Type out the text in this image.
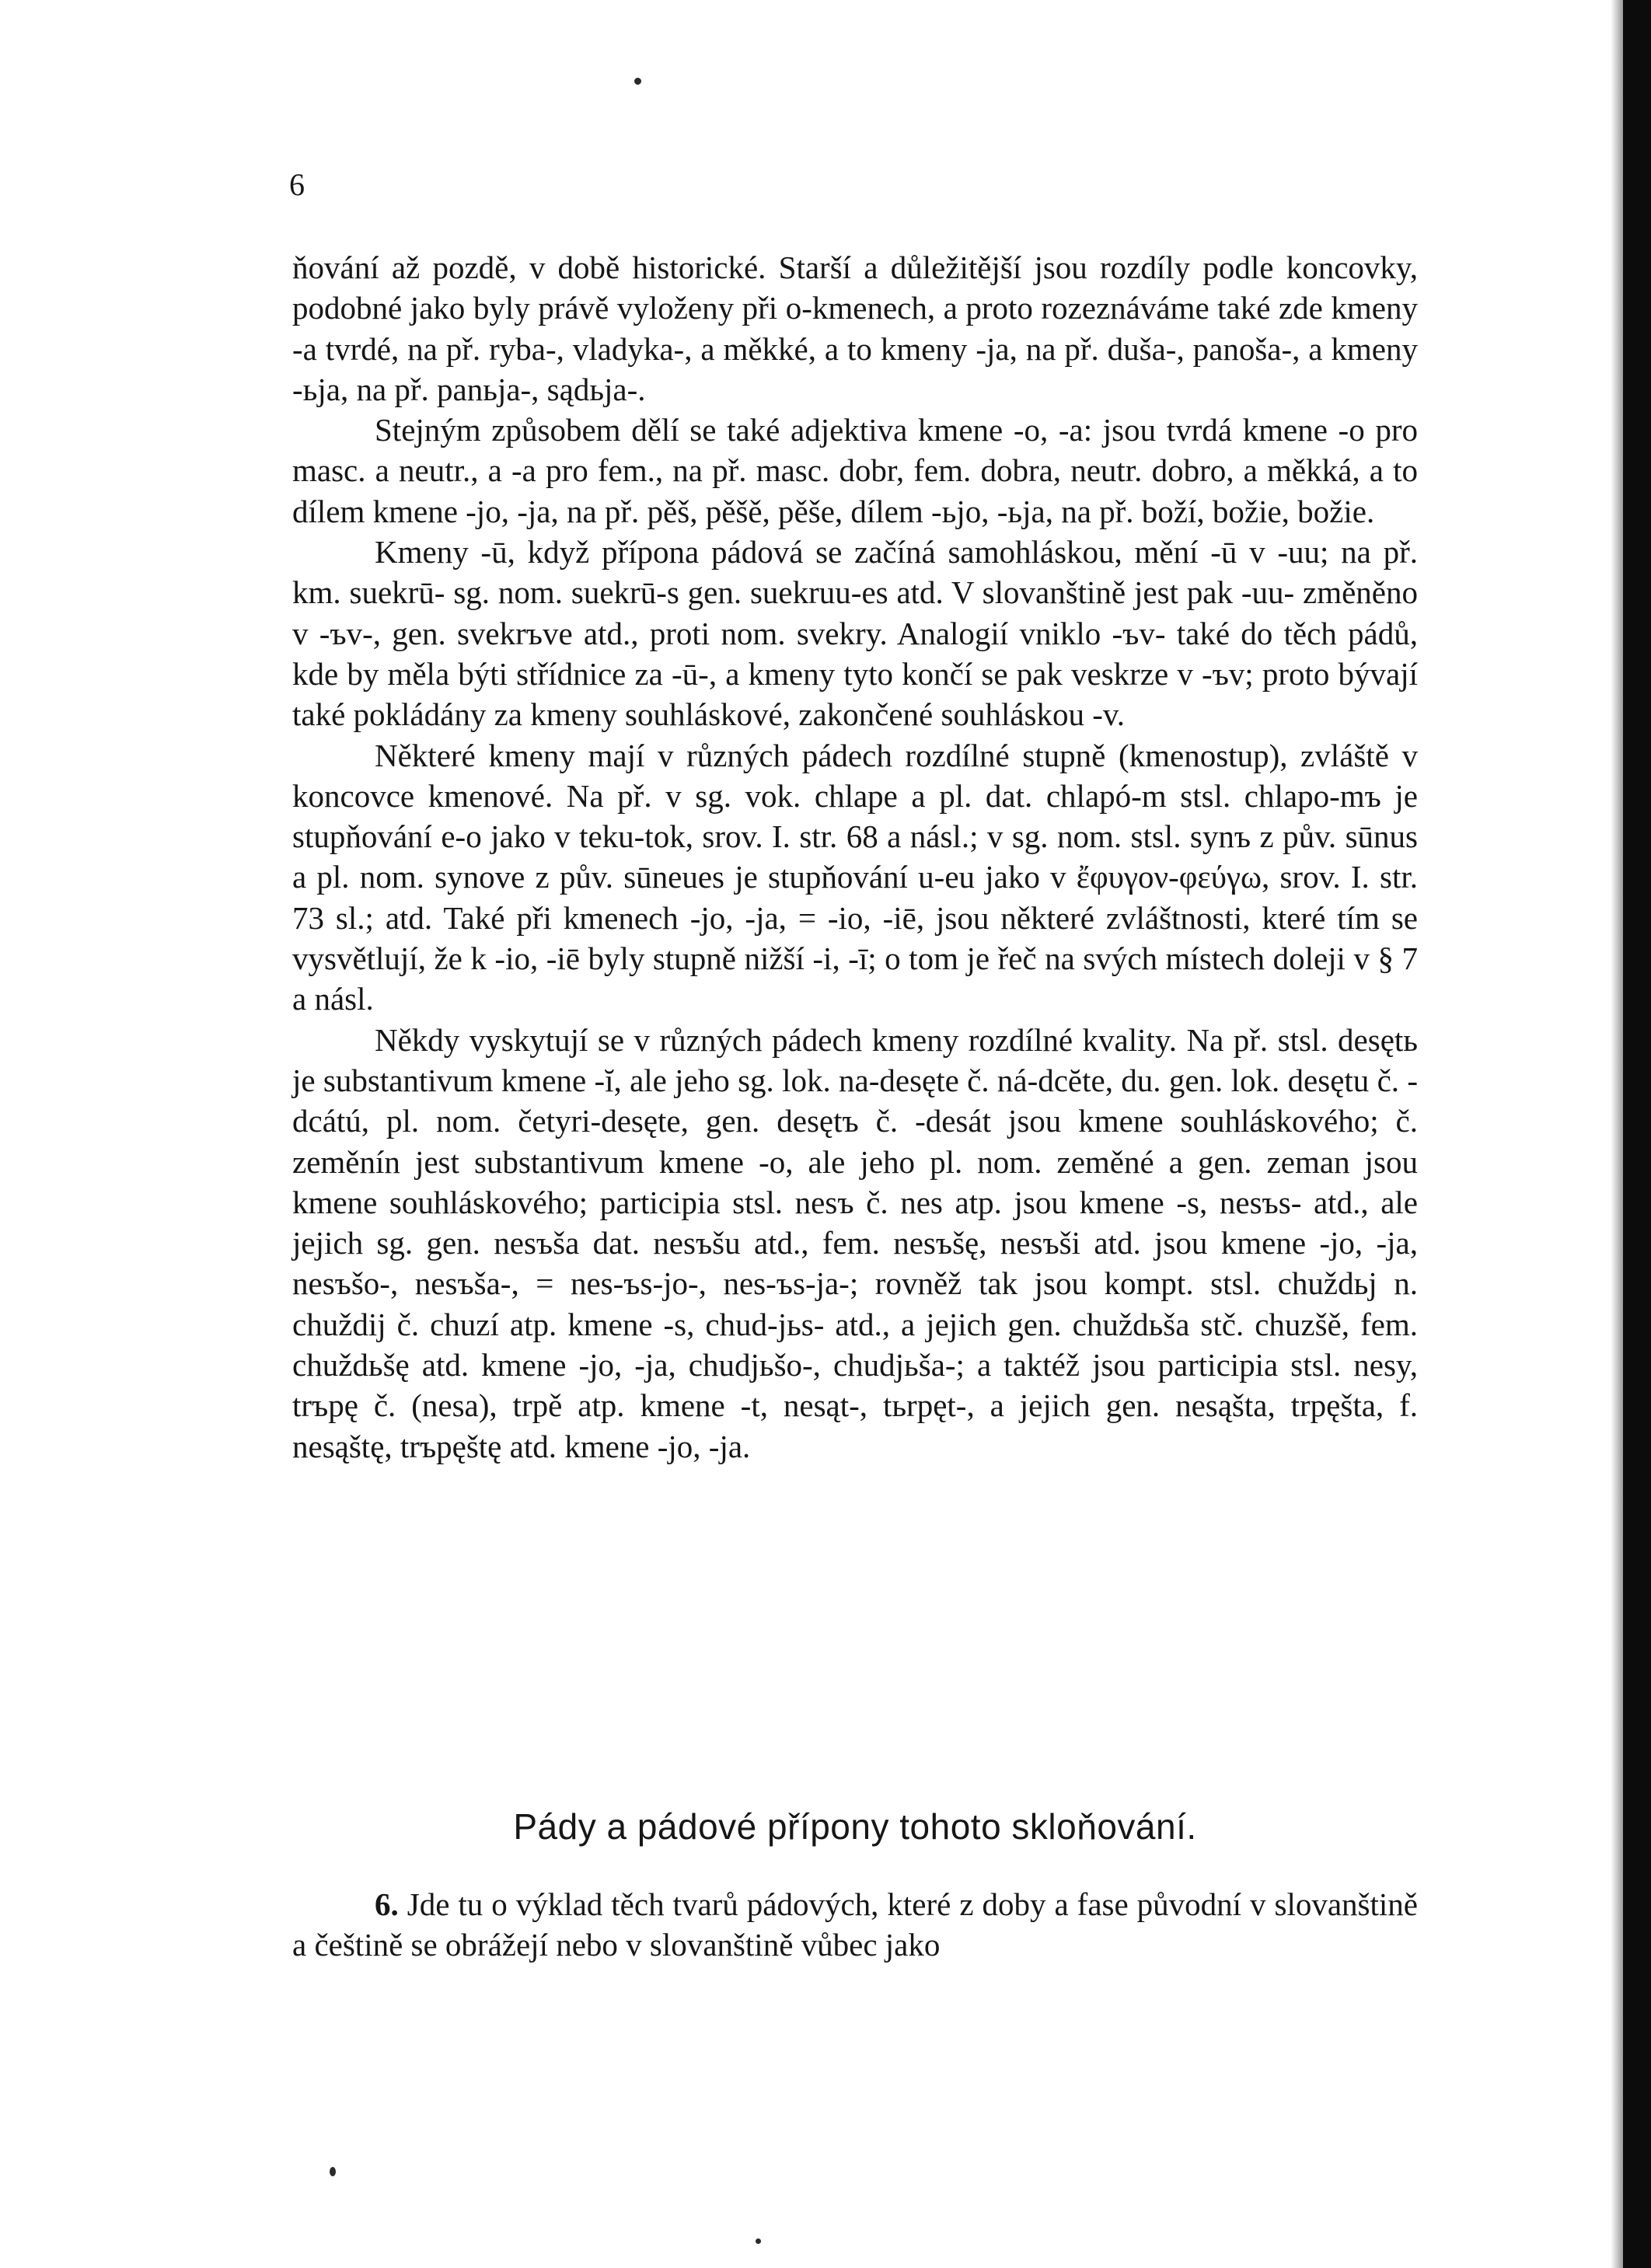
6

ňování až pozdě, v době historické. Starší a důležitější jsou rozdíly podle koncovky, podobné jako byly právě vyloženy při o-kmenech, a proto rozeznáváme také zde kmeny -a tvrdé, na př. ryba-, vladyka-, a měkké, a to kmeny -ja, na př. duša-, panoša-, a kmeny -ьja, na př. panьja-, sądьja-.

Stejným způsobem dělí se také adjektiva kmene -o, -a: jsou tvrdá kmene -o pro masc. a neutr., a -a pro fem., na př. masc. dobr, fem. dobra, neutr. dobro, a měkká, a to dílem kmene -jo, -ja, na př. pěš, pěšě, pěše, dílem -ьjo, -ьja, na př. boží, božie, božie.

Kmeny -ū, když přípona pádová se začíná samohláskou, mění -ū v -uu; na př. km. suekrū- sg. nom. suekrū-s gen. suekruu-es atd. V slovanštině jest pak -uu- změněno v -ъv-, gen. svekrъve atd., proti nom. svekry. Analogií vniklo -ъv- také do těch pádů, kde by měla býti střídnice za -ū-, a kmeny tyto končí se pak veskrze v -ъv; proto bývají také pokládány za kmeny souhláskové, zakončené souhláskou -v.

Některé kmeny mají v různých pádech rozdílné stupně (kmenostup), zvláště v koncovce kmenové. Na př. v sg. vok. chlape a pl. dat. chlapó-m stsl. chlapo-mъ je stupňování e-o jako v teku-tok, srov. I. str. 68 a násl.; v sg. nom. stsl. synъ z pův. sūnus a pl. nom. synove z pův. sūneues je stupňování u-eu jako v ἔφυγον-φεύγω, srov. I. str. 73 sl.; atd. Také při kmenech -jo, -ja, = -io, -iē, jsou některé zvláštnosti, které tím se vysvětlují, že k -io, -iē byly stupně nižší -i, -ī; o tom je řeč na svých místech doleji v § 7 a násl.

Někdy vyskytují se v různých pádech kmeny rozdílné kvality. Na př. stsl. desętь je substantivum kmene -ĭ, ale jeho sg. lok. na-desęte č. ná-dcĕte, du. gen. lok. desętu č. -dcátú, pl. nom. četyri-desęte, gen. desętъ č. -desát jsou kmene souhláskového; č. zeměnín jest substantivum kmene -o, ale jeho pl. nom. zeměné a gen. zeman jsou kmene souhláskového; participia stsl. nesъ č. nes atp. jsou kmene -s, nesъs- atd., ale jejich sg. gen. nesъša dat. nesъšu atd., fem. nesъšę, nesъši atd. jsou kmene -jo, -ja, nesъšo-, nesъša-, = nes-ъs-jo-, nes-ъs-ja-; rovněž tak jsou kompt. stsl. chuždьj n. chuždij č. chuzí atp. kmene -s, chud-jьs- atd., a jejich gen. chuždьša stč. chuzšě, fem. chuždьšę atd. kmene -jo, -ja, chudjьšo-, chudjьša-; a taktéž jsou participia stsl. nesy, trъpę č. (nesa), trpě atp. kmene -t, nesąt-, tьrpęt-, a jejich gen. nesąšta, trpęšta, f. nesąštę, trъpęštę atd. kmene -jo, -ja.

Pády a pádové přípony tohoto skloňování.

6. Jde tu o výklad těch tvarů pádových, které z doby a fase původní v slovanštině a češtině se obrážejí nebo v slovanštině vůbec jako
